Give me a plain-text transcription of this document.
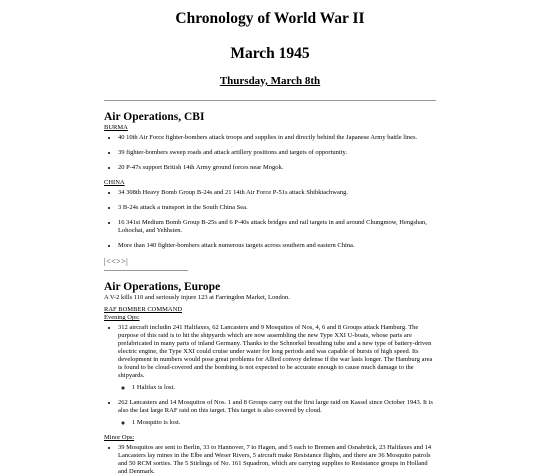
Chronology of World War II
March 1945
Thursday, March 8th
Air Operations, CBI
BURMA
• 40 10th Air Force fighter-bombers attack troops and supplies in and directly behind the Japanese Army battle lines.
• 39 fighter-bombers sweep roads and attack artillery positions and targets of opportunity.
• 20 P-47s support British 14th Army ground forces near Mogok.
CHINA
• 34 308th Heavy Bomb Group B-24s and 21 14th Air Force P-51s attack Shihkiachwang.
• 3 B-24s attack a transport in the South China Sea.
• 16 341st Medium Bomb Group B-25s and 6 P-40s attack bridges and rail targets in and around Chungmow, Hengshan, Lohochai, and Yehhsien.
• More than 140 fighter-bombers attack numerous targets across southern and eastern China.
|<<>>|
Air Operations, Europe
A V-2 kills 110 and seriously injure 123 at Farringdon Market, London.
RAF BOMBER COMMAND
Evening Ops:
• 312 aircraft includin 241 Halifaxes, 62 Lancasters and 9 Mosquitos of Nos, 4, 6 and 8 Groups attack Hamburg. The purpose of this raid is to hit the shipyards which are now assembling the new Type XXI U-boats, whose parts are prefabricated in many parts of inland Germany. Thanks to the Schnorkel breathing tube and a new type of battery-driven electric engine, the Type XXI could cruise under water for long periods and was capable of bursts of high speed. Its development in numbers would pose great problems for Allied convoy defense if the war lasts longer. The Hamburg area is found to be cloud-covered and the bombing is not expected to be accurate enough to cause much damage to the shipyards.
◦ 1 Halifax is lost.
• 262 Lancasters and 14 Mosquitos of Nos. 1 and 8 Groups carry out the first large raid on Kassel since October 1943. It is also the last large RAF raid on this target. This target is also covered by cloud.
◦ 1 Mosquito is lost.
Minor Ops:
• 39 Mosquitos are sent to Berlin, 33 to Hannover, 7 to Hagen, and 5 each to Bremen and Osnabrück, 23 Halifaxes and 14 Lancasters lay mines in the Elbe and Weser Rivers, 5 aircraft make Resistance flights, and there are 36 Mosquito patrols and 50 RCM sorties. The 5 Stirlings of No. 161 Squadron, which are carrying supplies to Resistance groups in Holland and Denmark.
